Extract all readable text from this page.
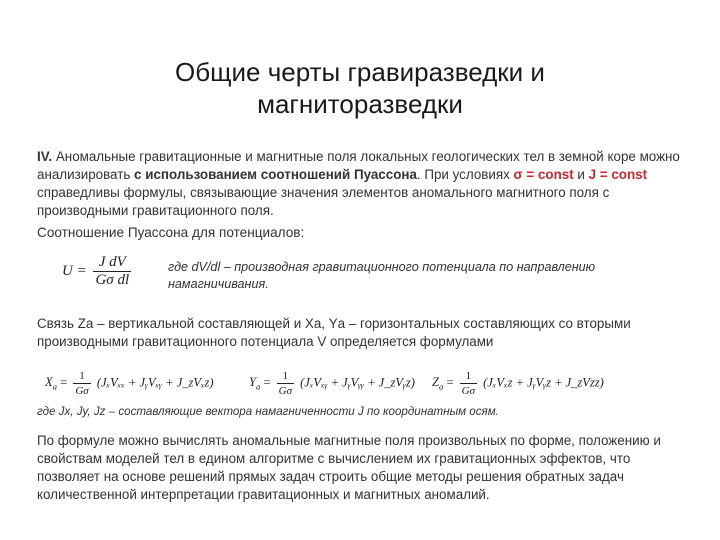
Общие черты гравиразведки и
магниторазведки
IV. Аномальные гравитационные и магнитные поля локальных геологических тел в земной коре можно анализировать с использованием соотношений Пуассона. При условиях σ = const и J = const справедливы формулы, связывающие значения элементов аномального магнитного поля с производными гравитационного поля.
Соотношение Пуассона для потенциалов:
$U = \frac{\text{J dV}}{\text{Gσ dl}}$	где dV/dl – производная гравитационного потенциала по направлению намагничивания.
Связь Zа – вертикальной составляющей и Xа, Yа – горизонтальных составляющих со вторыми производными гравитационного потенциала V определяется формулами
$X_a = \frac{1}{G\sigma} (J_xV_{xx}$ + JᵧVₓᵧ + J_zVₓz)	$Y_a = \frac{1}{G\sigma}$ (JₓVₓᵧ + JᵧVᵧᵧ + J_zVᵧz) $Z_a = \frac{1}{G\sigma} (J_xV_xz$ + JᵧVᵧz + J_zVzz)
где Jx, Jy, Jz – составляющие вектора намагниченности J по координатным осям.
По формуле можно вычислять аномальные магнитные поля произвольных по форме, положению и свойствам моделей тел в едином алгоритме с вычислением их гравитационных эффектов, что позволяет на основе решений прямых задач строить общие методы решения обратных задач количественной интерпретации гравитационных и магнитных аномалий.
